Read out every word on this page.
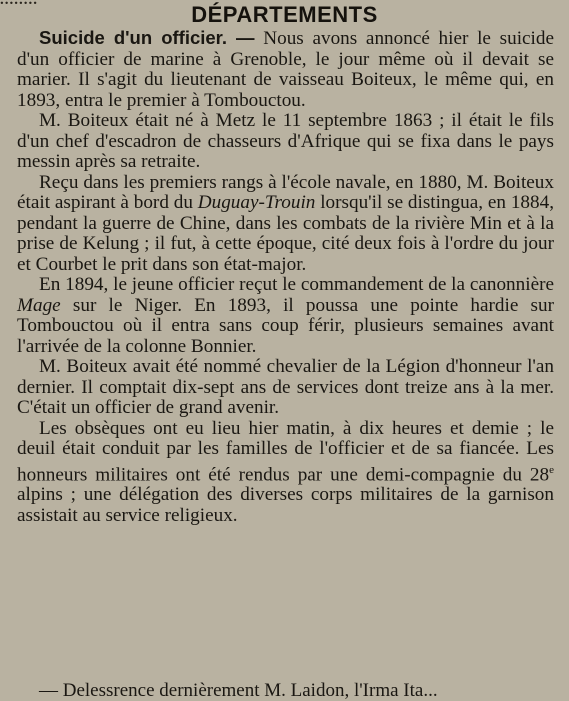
........
DÉPARTEMENTS

Suicide d'un officier. — Nous avons annoncé hier le suicide d'un officier de marine à Grenoble, le jour même où il devait se marier. Il s'agit du lieutenant de vaisseau Boiteux, le même qui, en 1893, entra le premier à Tombouctou.

M. Boiteux était né à Metz le 11 septembre 1863 ; il était le fils d'un chef d'escadron de chasseurs d'Afrique qui se fixa dans le pays messin après sa retraite.

Reçu dans les premiers rangs à l'école navale, en 1880, M. Boiteux était aspirant à bord du Duguay-Trouin lorsqu'il se distingua, en 1884, pendant la guerre de Chine, dans les combats de la rivière Min et à la prise de Kelung ; il fut, à cette époque, cité deux fois à l'ordre du jour et Courbet le prit dans son état-major.

En 1894, le jeune officier reçut le commandement de la canonnière Mage sur le Niger. En 1893, il poussa une pointe hardie sur Tombouctou où il entra sans coup férir, plusieurs semaines avant l'arrivée de la colonne Bonnier.

M. Boiteux avait été nommé chevalier de la Légion d'honneur l'an dernier. Il comptait dix-sept ans de services dont treize ans à la mer. C'était un officier de grand avenir.

Les obsèques ont eu lieu hier matin, à dix heures et demie ; le deuil était conduit par les familles de l'officier et de sa fiancée. Les honneurs militaires ont été rendus par une demi-compagnie du 28e alpins ; une délégation des diverses corps militaires de la garnison assistait au service religieux.

— Delessrence dernièrement M. Laidon, l'Irma Ita...
